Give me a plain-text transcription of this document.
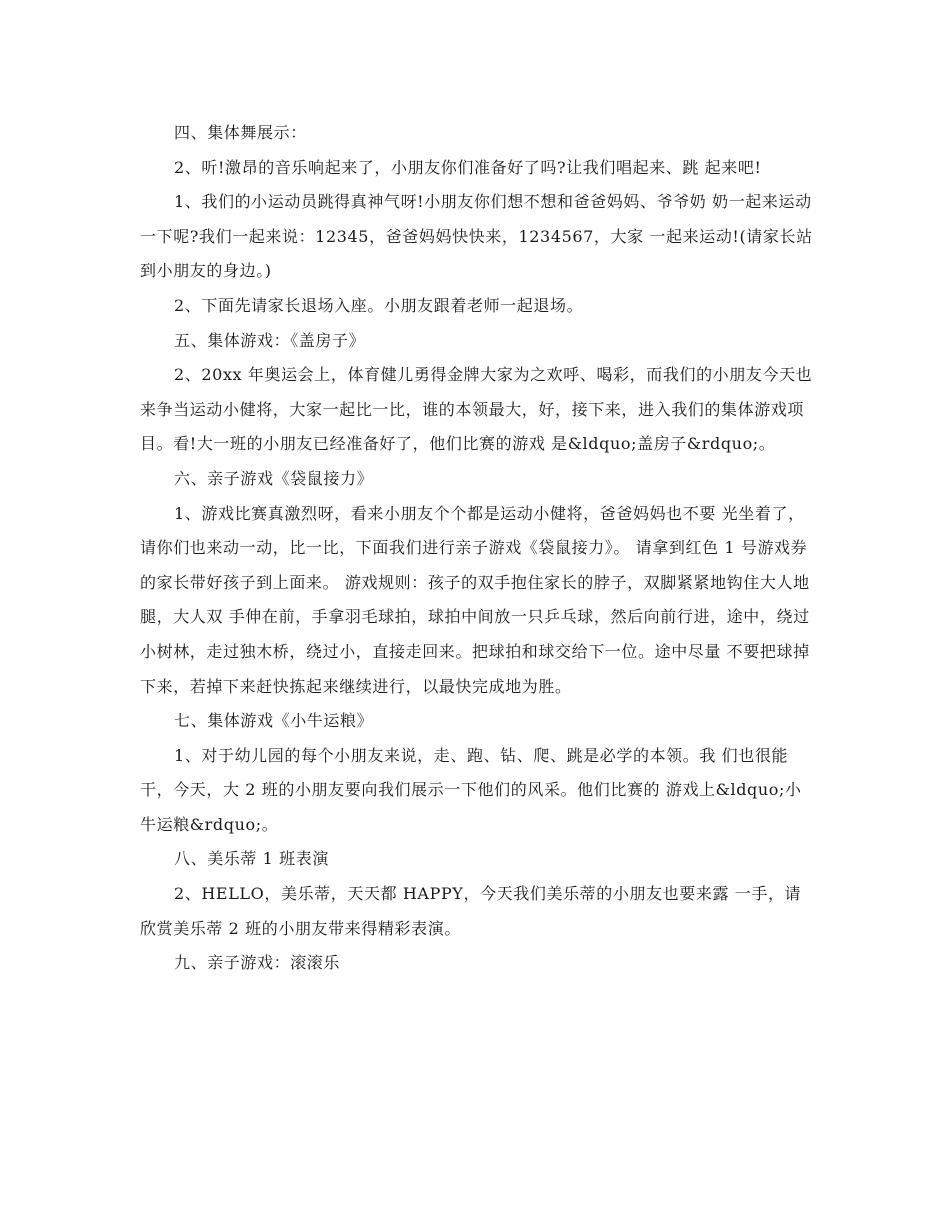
四、集体舞展示：

2、听!激昂的音乐响起来了，小朋友你们准备好了吗?让我们唱起来、跳 起来吧!

1、我们的小运动员跳得真神气呀!小朋友你们想不想和爸爸妈妈、爷爷奶 奶一起来运动一下呢?我们一起来说：12345，爸爸妈妈快快来，1234567，大家 一起来运动!(请家长站到小朋友的身边。)

2、下面先请家长退场入座。小朋友跟着老师一起退场。

五、集体游戏：《盖房子》

2、20xx 年奥运会上，体育健儿勇得金牌大家为之欢呼、喝彩，而我们的小朋友今天也来争当运动小健将，大家一起比一比，谁的本领最大，好，接下来，进入我们的集体游戏项目。看!大一班的小朋友已经准备好了，他们比赛的游戏 是&ldquo;盖房子&rdquo;。

六、亲子游戏《袋鼠接力》

1、游戏比赛真激烈呀，看来小朋友个个都是运动小健将，爸爸妈妈也不要 光坐着了，请你们也来动一动，比一比，下面我们进行亲子游戏《袋鼠接力》。 请拿到红色 1 号游戏券的家长带好孩子到上面来。 游戏规则：孩子的双手抱住家长的脖子，双脚紧紧地钩住大人地腿，大人双 手伸在前，手拿羽毛球拍，球拍中间放一只乒乓球，然后向前行进，途中，绕过 小树林，走过独木桥，绕过小，直接走回来。把球拍和球交给下一位。途中尽量 不要把球掉下来，若掉下来赶快拣起来继续进行，以最快完成地为胜。

七、集体游戏《小牛运粮》

1、对于幼儿园的每个小朋友来说，走、跑、钻、爬、跳是必学的本领。我 们也很能干，今天，大 2 班的小朋友要向我们展示一下他们的风采。他们比赛的 游戏上&ldquo;小牛运粮&rdquo;。

八、美乐蒂 1 班表演

2、HELLO，美乐蒂，天天都 HAPPY，今天我们美乐蒂的小朋友也要来露 一手，请欣赏美乐蒂 2 班的小朋友带来得精彩表演。

九、亲子游戏：滚滚乐
